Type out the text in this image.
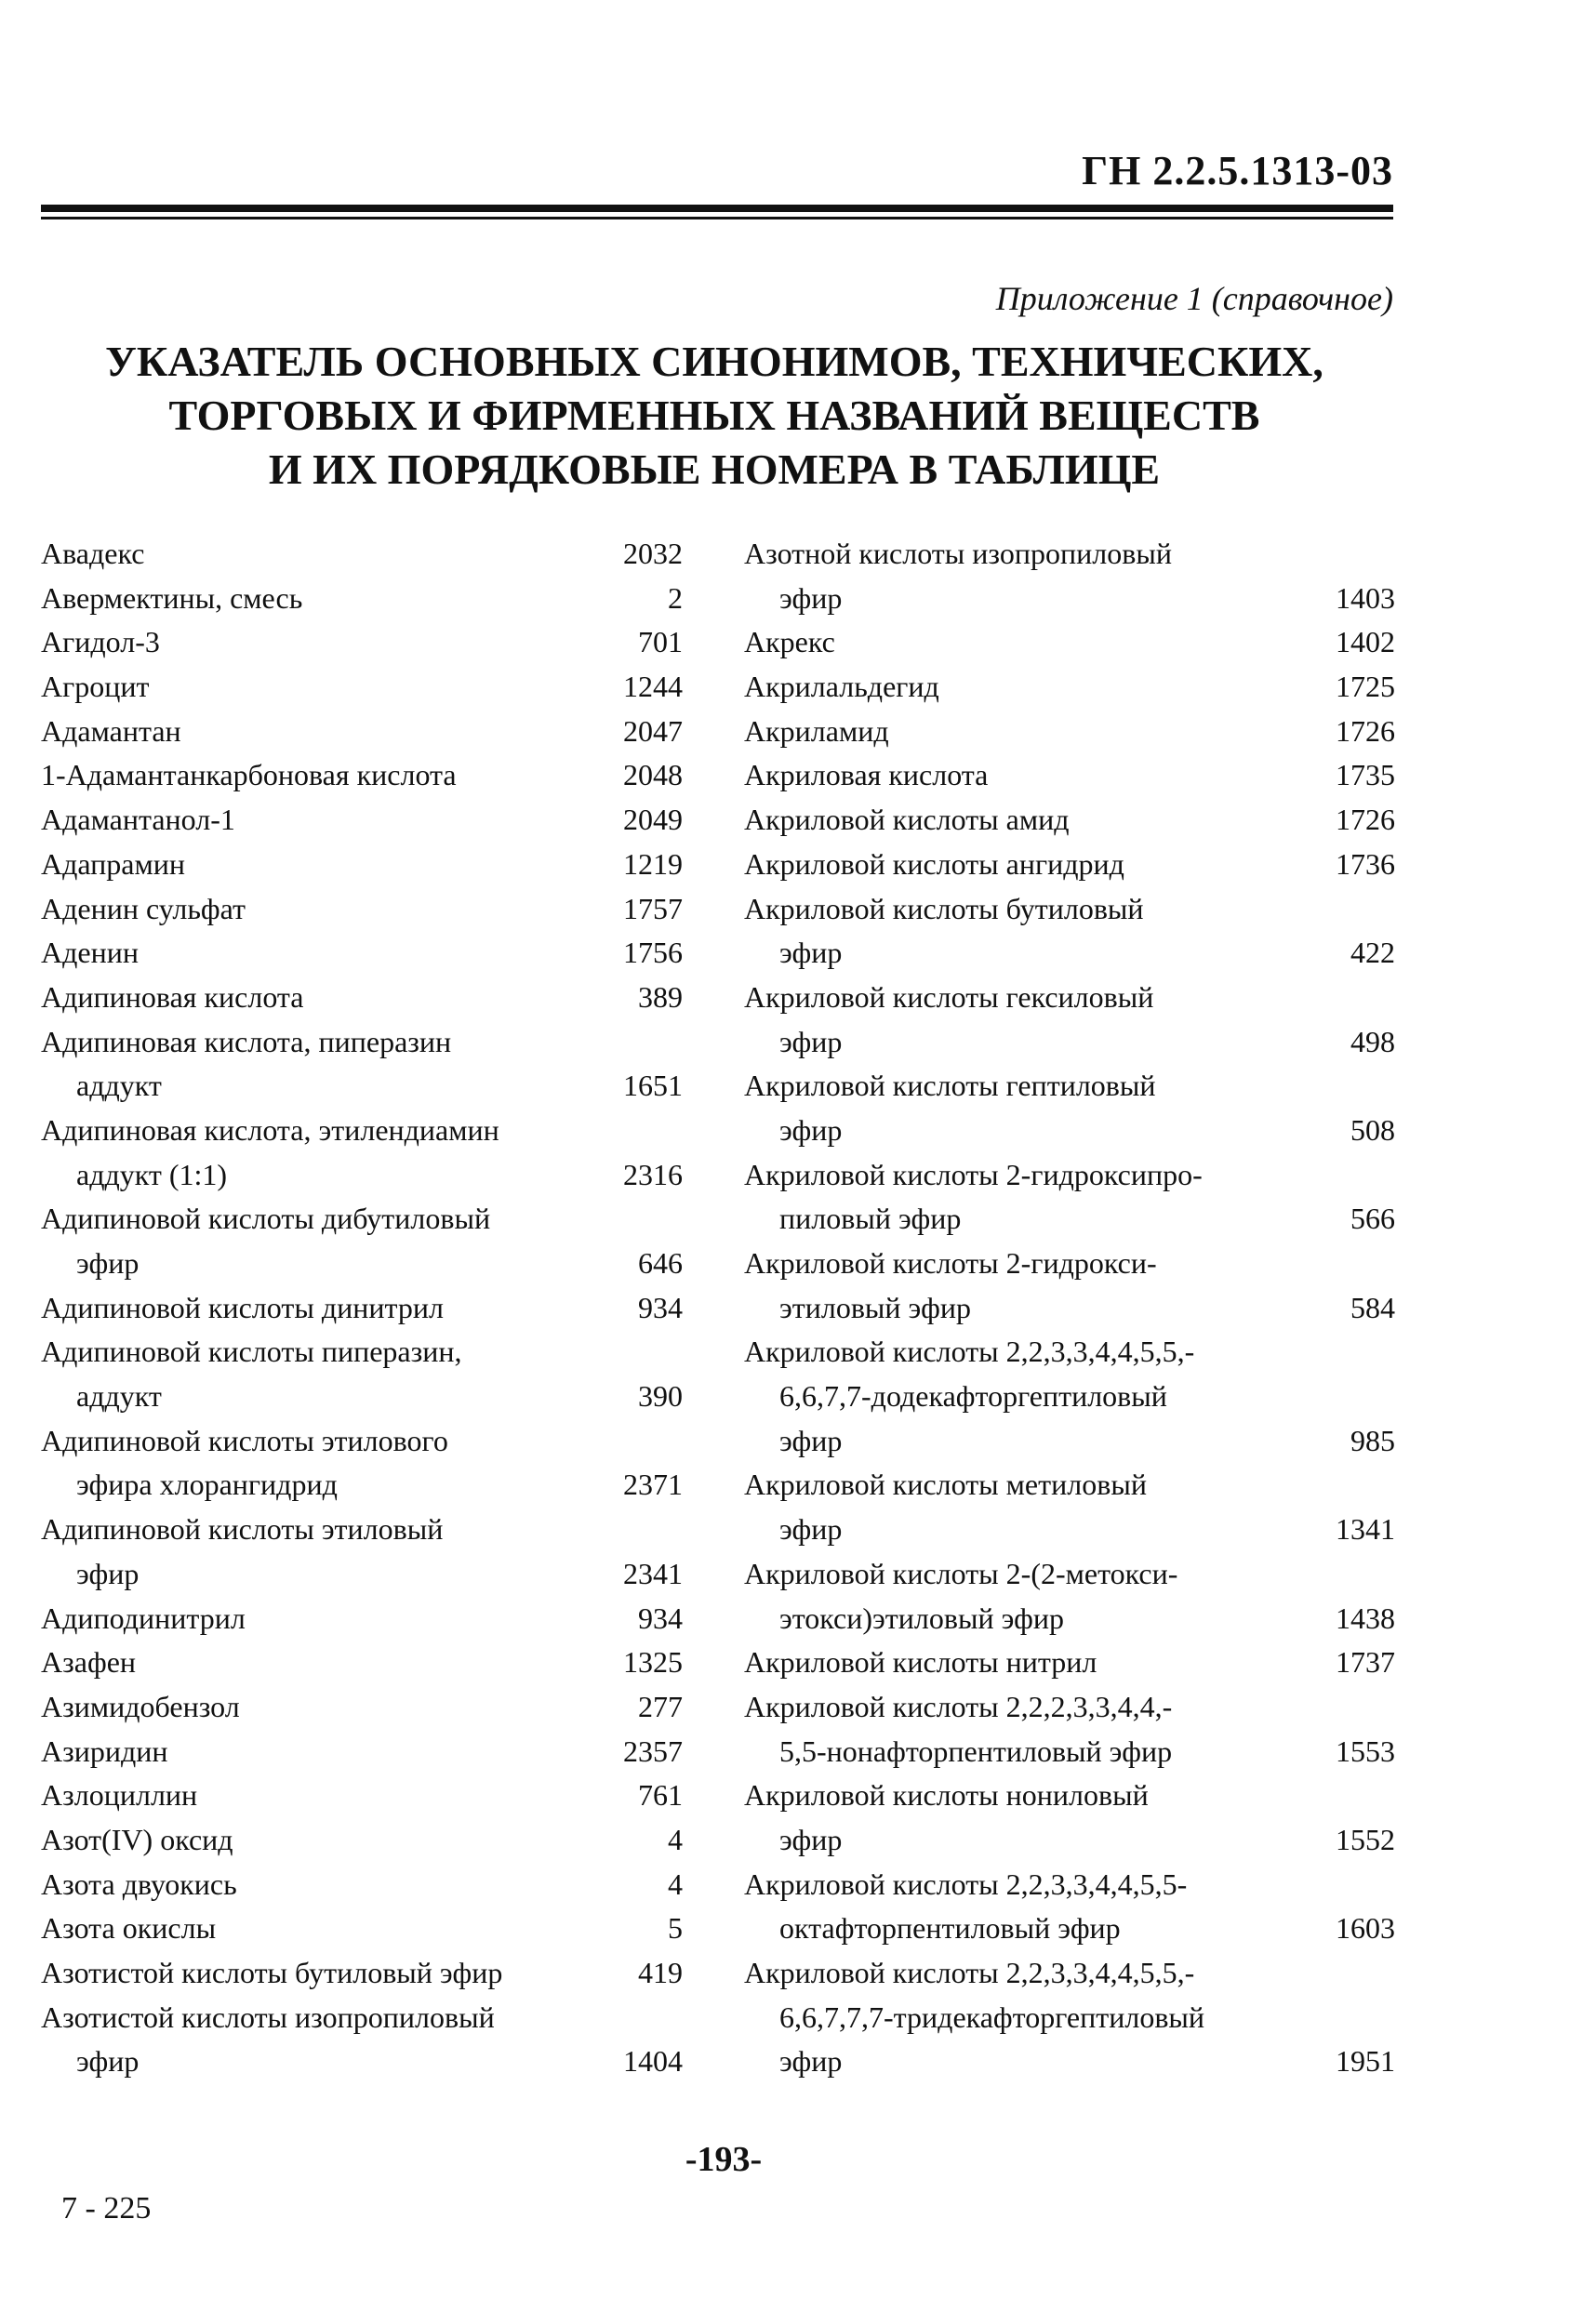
ГН 2.2.5.1313-03
Приложение 1 (справочное)
УКАЗАТЕЛЬ ОСНОВНЫХ СИНОНИМОВ, ТЕХНИЧЕСКИХ,
ТОРГОВЫХ И ФИРМЕННЫХ НАЗВАНИЙ ВЕЩЕСТВ
И ИХ ПОРЯДКОВЫЕ НОМЕРА В ТАБЛИЦЕ
Авадекс	2032
Авермектины, смесь	2
Агидол-3	701
Агроцит	1244
Адамантан	2047
1-Адамантанкарбоновая кислота	2048
Адамантанол-1	2049
Адапрамин	1219
Аденин сульфат	1757
Аденин	1756
Адипиновая кислота	389
Адипиновая кислота, пиперазин
аддукт	1651
Адипиновая кислота, этилендиамин
аддукт (1:1)	2316
Адипиновой кислоты дибутиловый
эфир	646
Адипиновой кислоты динитрил	934
Адипиновой кислоты пиперазин,
аддукт	390
Адипиновой кислоты этилового
эфира хлорангидрид	2371
Адипиновой кислоты этиловый
эфир	2341
Адиподинитрил	934
Азафен	1325
Азимидобензол	277
Азиридин	2357
Азлоциллин	761
Азот(IV) оксид	4
Азота двуокись	4
Азота окислы	5
Азотистой кислоты бутиловый эфир	419
Азотистой кислоты изопропиловый
эфир	1404
Азотной кислоты изопропиловый
эфир	1403
Акрекс	1402
Акрилальдегид	1725
Акриламид	1726
Акриловая кислота	1735
Акриловой кислоты амид	1726
Акриловой кислоты ангидрид	1736
Акриловой кислоты бутиловый
эфир	422
Акриловой кислоты гексиловый
эфир	498
Акриловой кислоты гептиловый
эфир	508
Акриловой кислоты 2-гидроксипро-
пиловый эфир	566
Акриловой кислоты 2-гидрокси-
этиловый эфир	584
Акриловой кислоты 2,2,3,3,4,4,5,5,-
6,6,7,7-додекафторгептиловый
эфир	985
Акриловой кислоты метиловый
эфир	1341
Акриловой кислоты 2-(2-метокси-
этокси)этиловый эфир	1438
Акриловой кислоты нитрил	1737
Акриловой кислоты 2,2,2,3,3,4,4,-
5,5-нонафторпентиловый эфир	1553
Акриловой кислоты нониловый
эфир	1552
Акриловой кислоты 2,2,3,3,4,4,5,5-
октафторпентиловый эфир	1603
Акриловой кислоты 2,2,3,3,4,4,5,5,-
6,6,7,7,7-тридекафторгептиловый
эфир	1951
-193-
7 - 225
